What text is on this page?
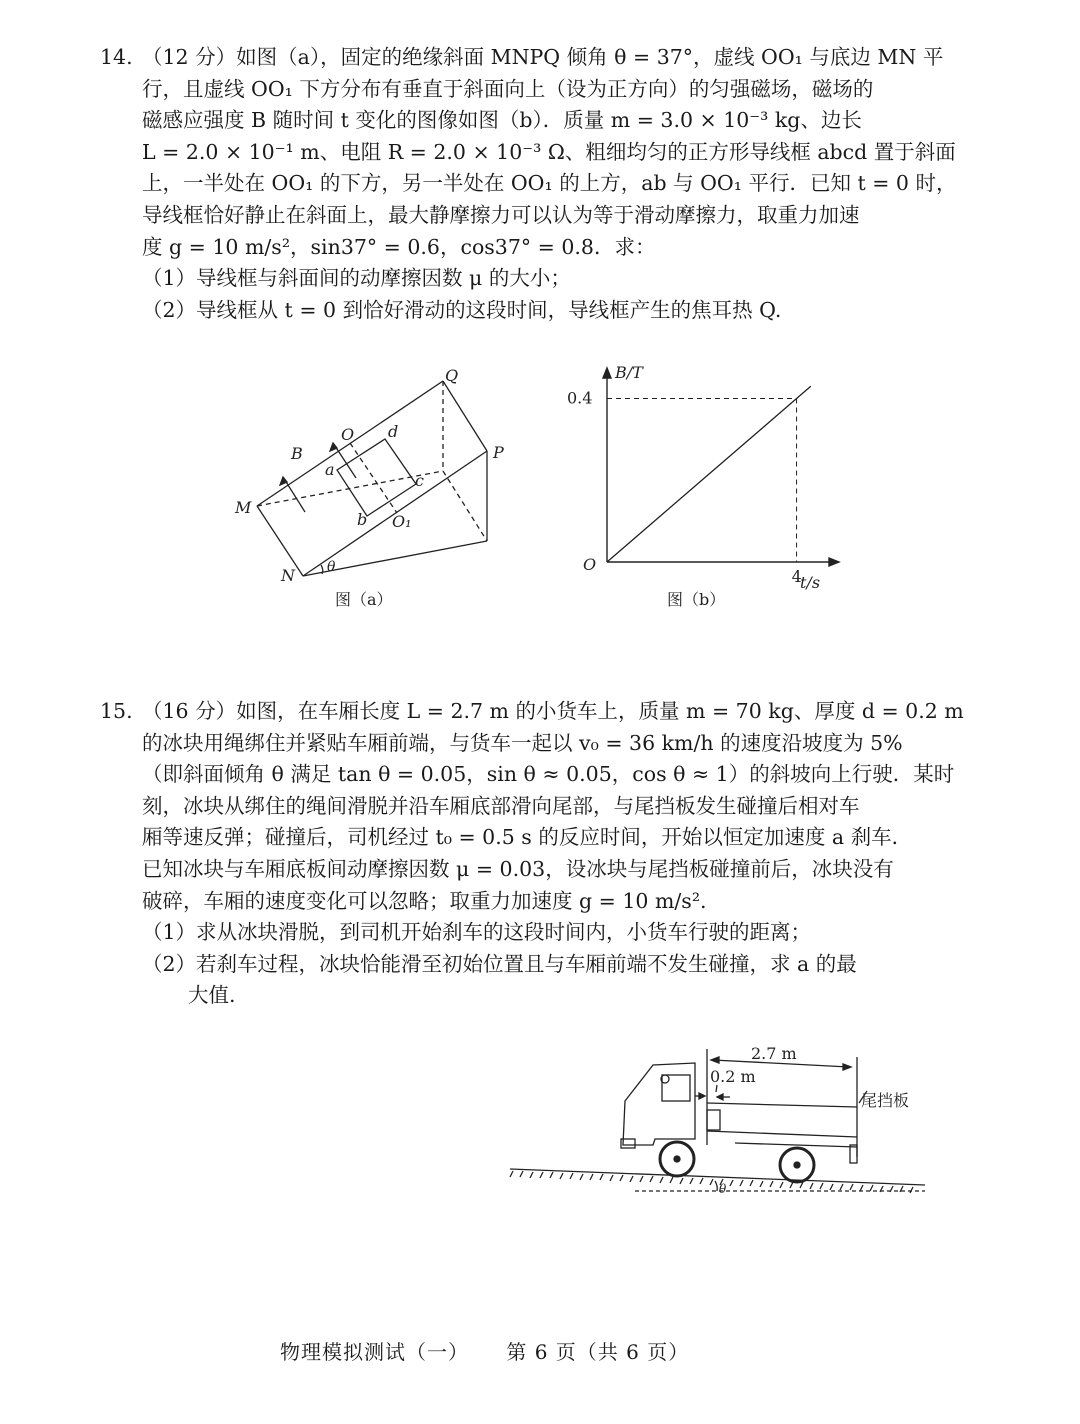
14. （12 分）如图（a），固定的绝缘斜面 MNPQ 倾角 θ = 37°，虚线 OO₁ 与底边 MN 平
行，且虚线 OO₁ 下方分布有垂直于斜面向上（设为正方向）的匀强磁场，磁场的
磁感应强度 B 随时间 t 变化的图像如图（b）．质量 m = 3.0 × 10⁻³ kg、边长
L = 2.0 × 10⁻¹ m、电阻 R = 2.0 × 10⁻³ Ω、粗细均匀的正方形导线框 abcd 置于斜面
上，一半处在 OO₁ 的下方，另一半处在 OO₁ 的上方，ab 与 OO₁ 平行．已知 t = 0 时，
导线框恰好静止在斜面上，最大静摩擦力可以认为等于滑动摩擦力，取重力加速
度 g = 10 m/s²，sin37° = 0.6，cos37° = 0.8．求：
（1）导线框与斜面间的动摩擦因数 μ 的大小；
（2）导线框从 t = 0 到恰好滑动的这段时间，导线框产生的焦耳热 Q.
Q
P
M
N
O
O₁
a
b
c
d
B
θ
图（a）
B/T
t/s
O
0.4
4
图（b）
15. （16 分）如图，在车厢长度 L = 2.7 m 的小货车上，质量 m = 70 kg、厚度 d = 0.2 m
的冰块用绳绑住并紧贴车厢前端，与货车一起以 v₀ = 36 km/h 的速度沿坡度为 5%
（即斜面倾角 θ 满足 tan θ = 0.05，sin θ ≈ 0.05，cos θ ≈ 1）的斜坡向上行驶．某时
刻，冰块从绑住的绳间滑脱并沿车厢底部滑向尾部，与尾挡板发生碰撞后相对车
厢等速反弹；碰撞后，司机经过 t₀ = 0.5 s 的反应时间，开始以恒定加速度 a 刹车．
已知冰块与车厢底板间动摩擦因数 μ = 0.03，设冰块与尾挡板碰撞前后，冰块没有
破碎，车厢的速度变化可以忽略；取重力加速度 g = 10 m/s².
（1）求从冰块滑脱，到司机开始刹车的这段时间内，小货车行驶的距离；
（2）若刹车过程，冰块恰能滑至初始位置且与车厢前端不发生碰撞，求 a 的最
大值.
2.7 m
0.2 m
尾挡板
θ
物理模拟测试（一） 第 6 页（共 6 页）
